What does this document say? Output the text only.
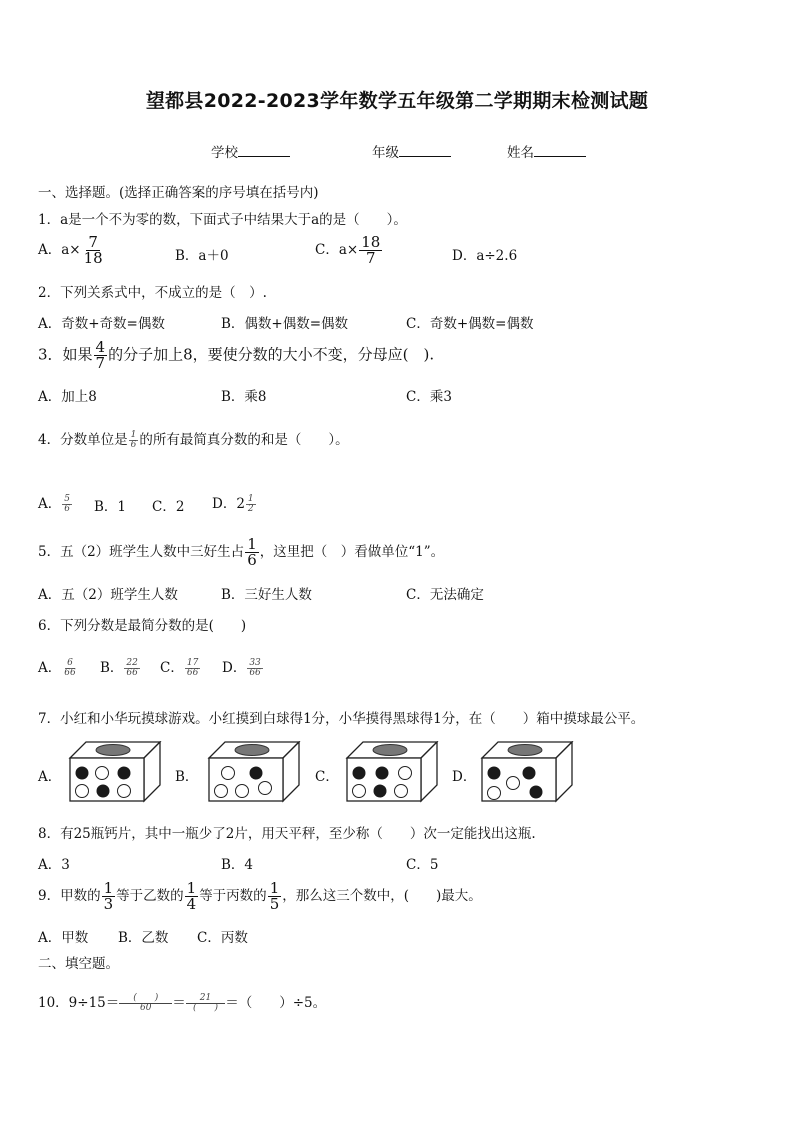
望都县2022-2023学年数学五年级第二学期期末检测试题
学校	年级	姓名
一、选择题。(选择正确答案的序号填在括号内)
1．a是一个不为零的数，下面式子中结果大于a的是（　　）。
A．$a\times \frac{7}{18}$	B．a＋0	C．$a\times \frac{18}{7}$	D．a÷2.6
2．下列关系式中，不成立的是（　）.
A．奇数+奇数=偶数	B．偶数+偶数=偶数	C．奇数+偶数=偶数
3．如果 $\frac{4}{7}$ 的分子加上8，要使分数的大小不变，分母应(　).
A．加上8	B．乘8	C．乘3
4．分数单位是 $\frac{1}{6}$ 的所有最简真分数的和是（　　）。
A． $\frac{5}{6}$ B．1 C．2 D．$2 \frac{1}{2}$
5．五（2）班学生人数中三好生占 $\frac{1}{6}$ ，这里把（　）看做单位“1”。
A．五（2）班学生人数	B．三好生人数	C．无法确定
6．下列分数是最简分数的是(　　)
A． $\frac{6}{66}$ B． $\frac{22}{66}$ C． $\frac{17}{66}$ D． $\frac{33}{66}$
7．小红和小华玩摸球游戏。小红摸到白球得1分，小华摸得黑球得1分，在（　　）箱中摸球最公平。
A．	B．	C．	D．
8．有25瓶钙片，其中一瓶少了2片，用天平秤，至少称（　　）次一定能找出这瓶.
A．3	B．4	C．5
9．甲数的 $\frac{1}{3}$ 等于乙数的 $\frac{1}{4}$ 等于丙数的 $\frac{1}{5}$ ，那么这三个数中，(　　)最大。
A．甲数 B．乙数 C．丙数
二、填空题。
10．$9\div 15= \frac{( )}{60} = \frac{21}{( )}$ ＝（　　）÷5。
